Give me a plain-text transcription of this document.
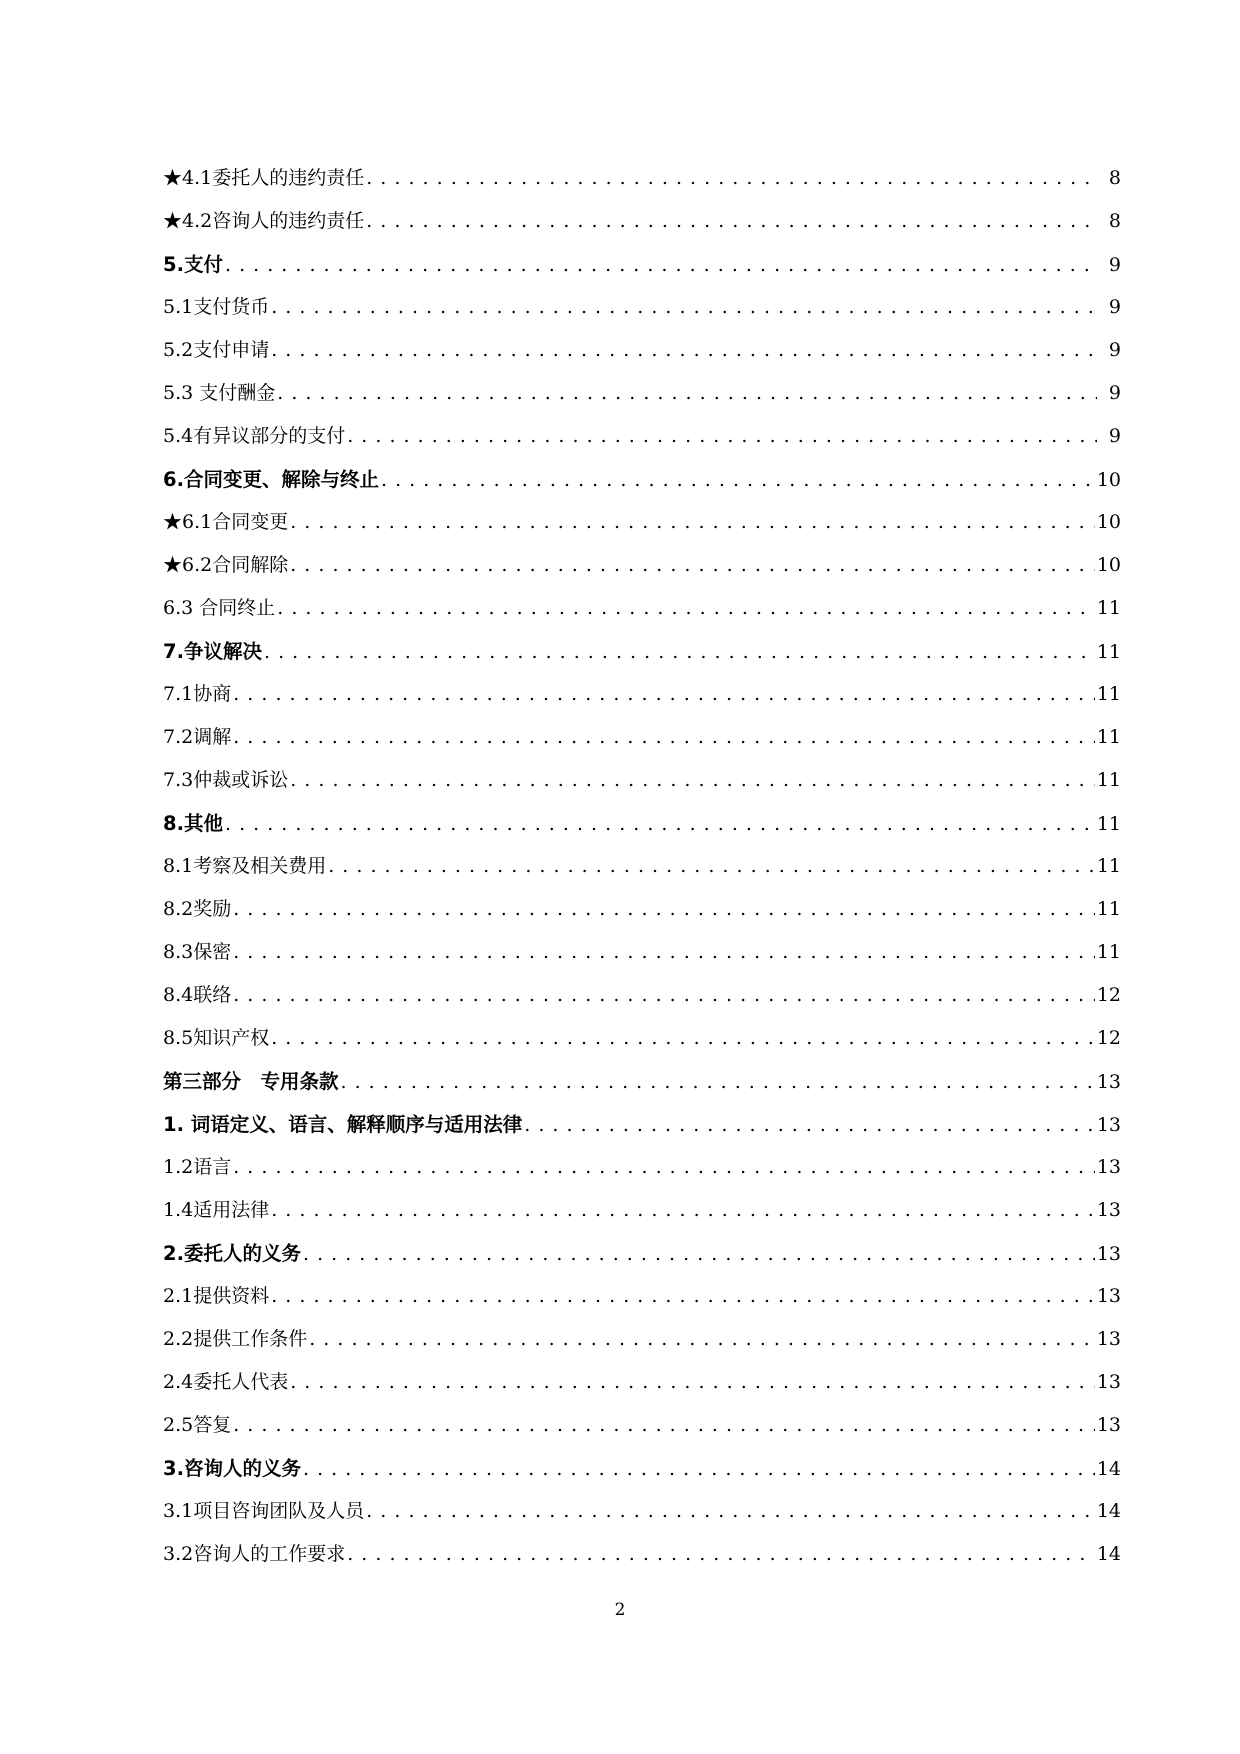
★4.1委托人的违约责任 . . .	8
★4.2咨询人的违约责任 . . .	8
5.支付 . . .	9
5.1支付货币 . . .	9
5.2支付申请 . . .	9
5.3 支付酬金 . . .	9
5.4有异议部分的支付 . . .	9
6.合同变更、解除与终止 . . .	10
★6.1合同变更 . . .	10
★6.2合同解除 . . .	10
6.3 合同终止 . . .	11
7.争议解决 . . .	11
7.1协商 . . .	11
7.2调解 . . .	11
7.3仲裁或诉讼 . . .	11
8.其他 . . .	11
8.1考察及相关费用 . . .	11
8.2奖励 . . .	11
8.3保密 . . .	11
8.4联络 . . .	12
8.5知识产权 . . .	12
第三部分　专用条款 . . .	13
1. 词语定义、语言、解释顺序与适用法律 . . .	13
1.2语言 . . .	13
1.4适用法律 . . .	13
2.委托人的义务 . . .	13
2.1提供资料 . . .	13
2.2提供工作条件 . . .	13
2.4委托人代表 . . .	13
2.5答复 . . .	13
3.咨询人的义务 . . .	14
3.1项目咨询团队及人员 . . .	14
3.2咨询人的工作要求 . . .	14
2
